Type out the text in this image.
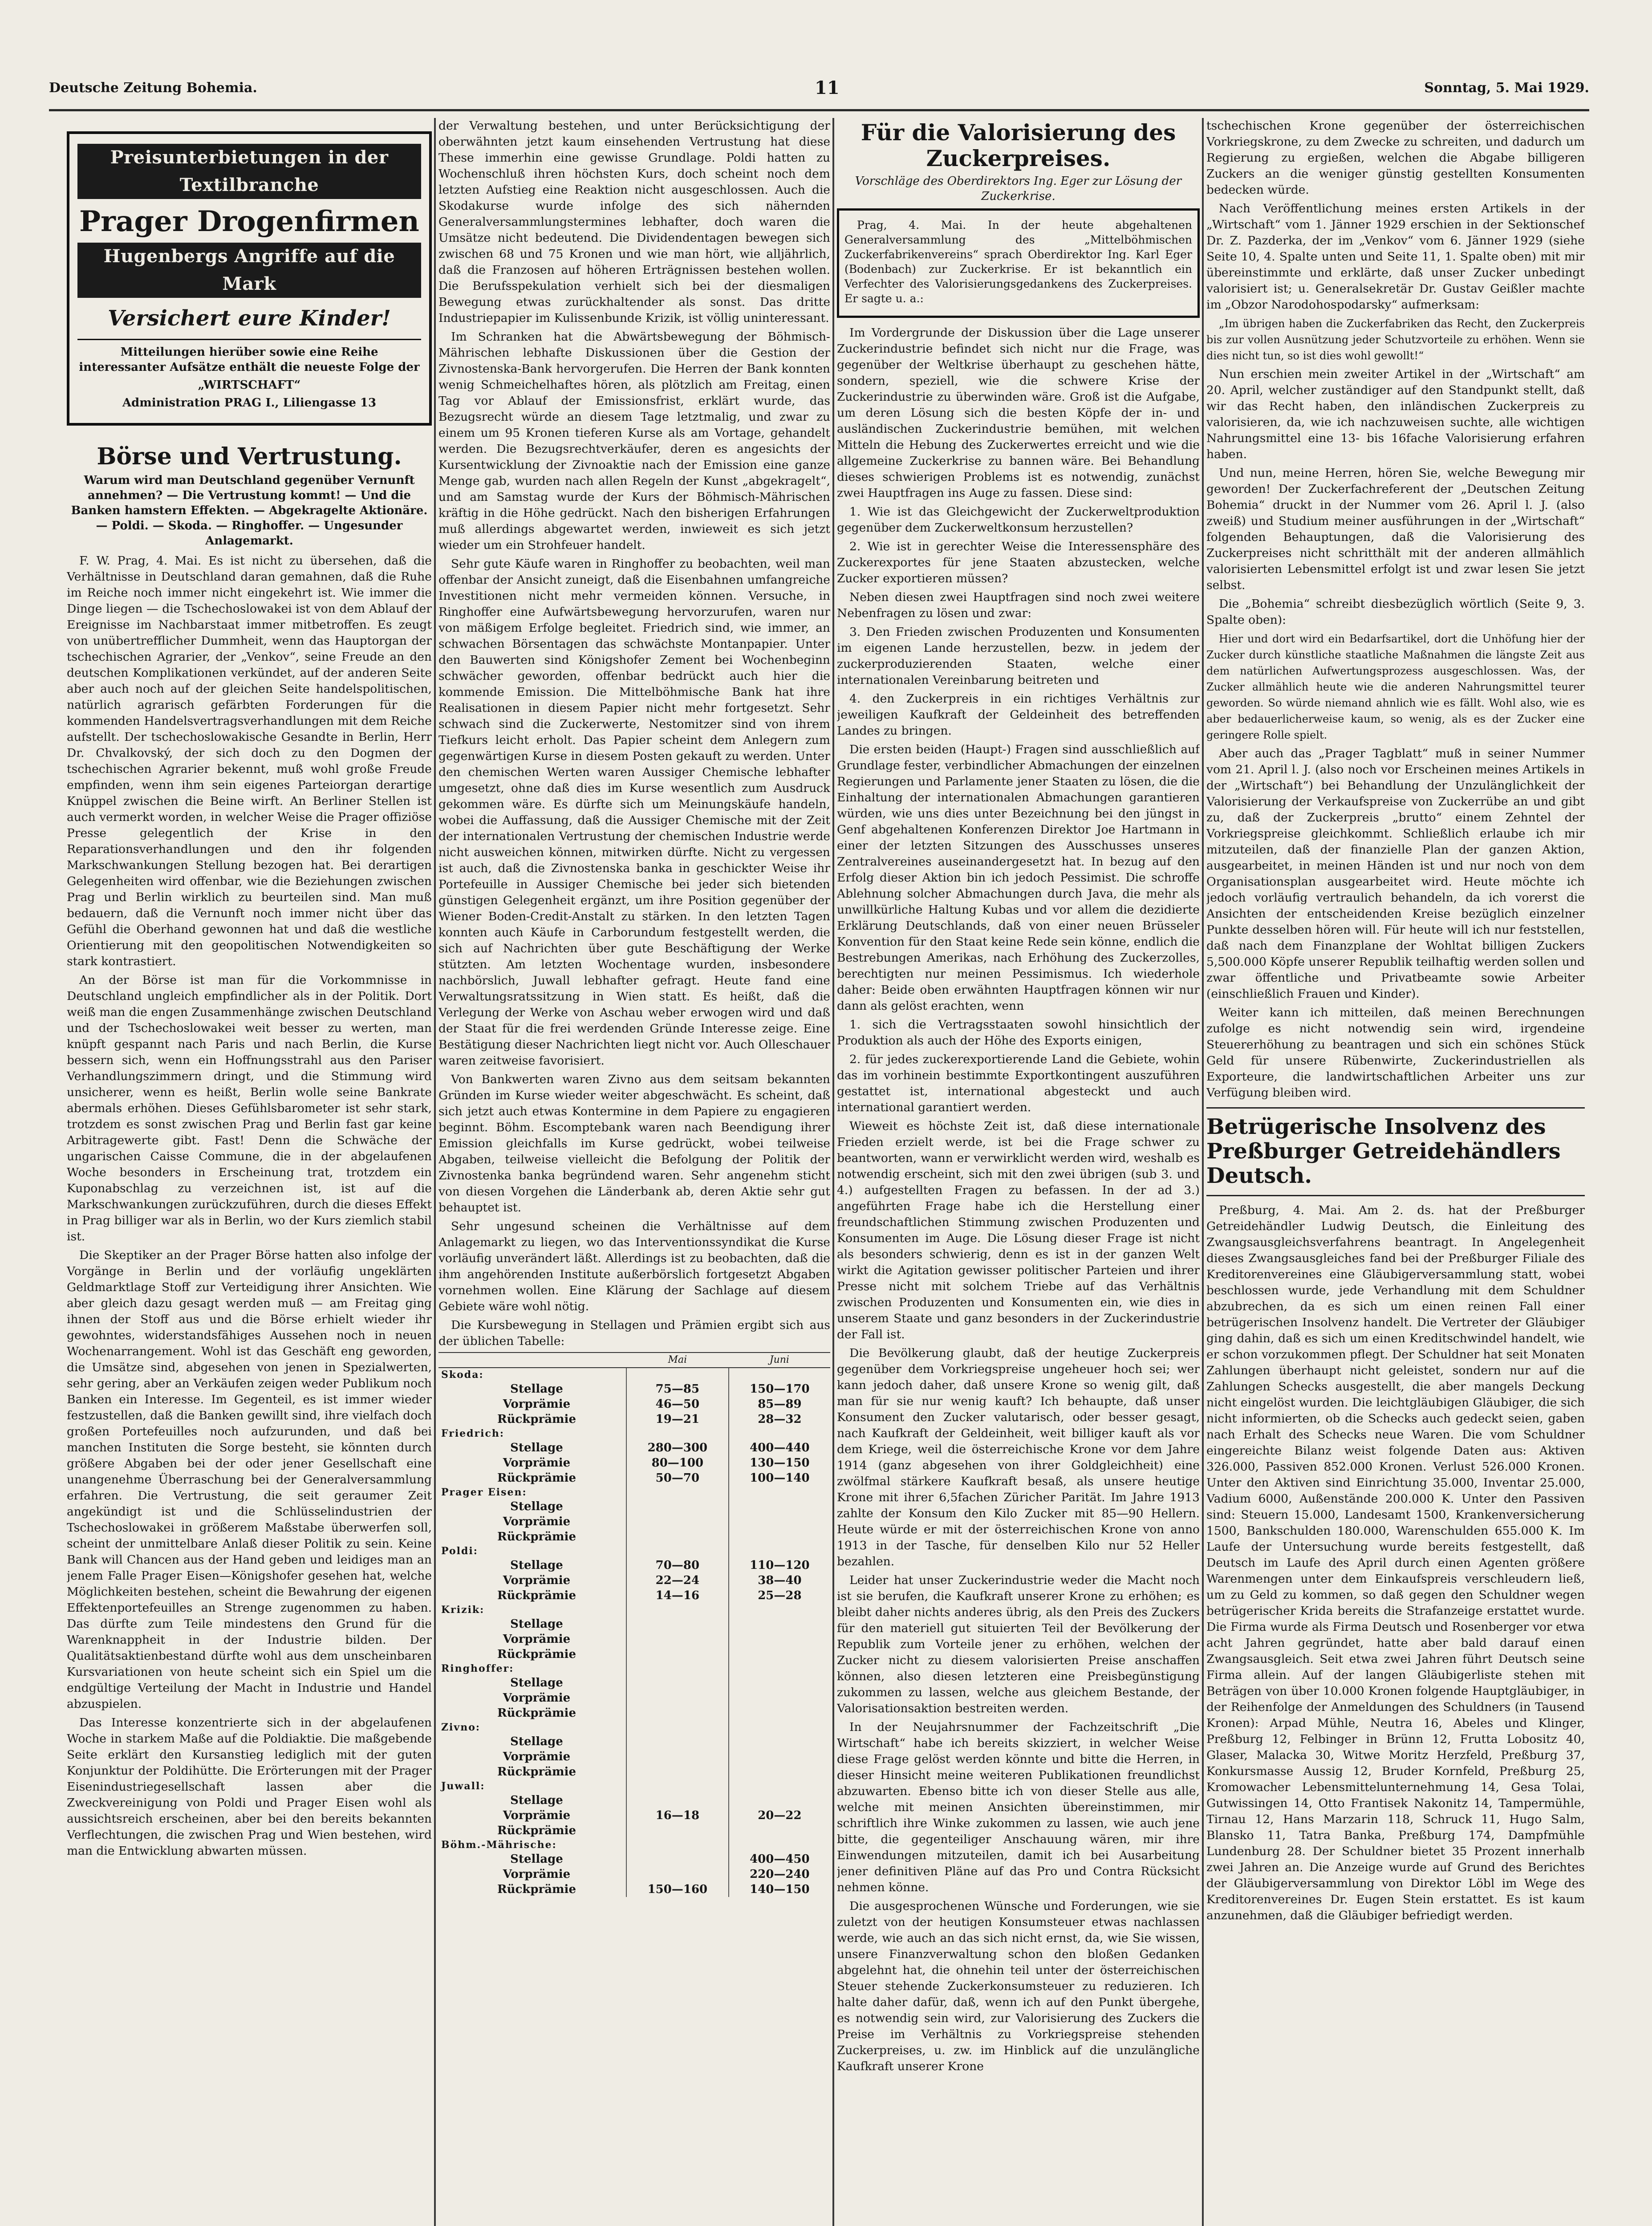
Deutsche Zeitung Bohemia.	11	Sonntag, 5. Mai 1929.
Preisunterbietungen in der Textilbranche
Prager Drogenfirmen
Hugenbergs Angriffe auf die Mark
Versichert eure Kinder!
Mitteilungen hierüber sowie eine Reihe interessanter Aufsätze enthält die neueste Folge der
„WIRTSCHAFT“
Administration PRAG I., Liliengasse 13
Börse und Vertrustung.
Warum wird man Deutschland gegenüber Vernunft annehmen? — Die Vertrustung kommt! — Und die Banken hamstern Effekten. — Abgekragelte Aktionäre. — Poldi. — Skoda. — Ringhoffer. — Ungesunder Anlagemarkt.

F. W. Prag, 4. Mai. Es ist nicht zu übersehen, daß die Verhältnisse in Deutschland daran gemahnen, daß die Ruhe im Reiche noch immer nicht eingekehrt ist. Wie immer die Dinge liegen — die Tschechoslowakei ist von dem Ablauf der Ereignisse im Nachbarstaat immer mitbetroffen. Es zeugt von unübertrefflicher Dummheit, wenn das Hauptorgan der tschechischen Agrarier, der „Venkov“, seine Freude an den deutschen Komplikationen verkündet, auf der anderen Seite aber auch noch auf der gleichen Seite handelspolitischen, natürlich agrarisch gefärbten Forderungen für die kommenden Handelsvertragsverhandlungen mit dem Reiche aufstellt. Der tschechoslowakische Gesandte in Berlin, Herr Dr. Chvalkovský, der sich doch zu den Dogmen der tschechischen Agrarier bekennt, muß wohl große Freude empfinden, wenn ihm sein eigenes Parteiorgan derartige Knüppel zwischen die Beine wirft. An Berliner Stellen ist auch vermerkt worden, in welcher Weise die Prager offiziöse Presse gelegentlich der Krise in den Reparationsverhandlungen und den ihr folgenden Markschwankungen Stellung bezogen hat. Bei derartigen Gelegenheiten wird offenbar, wie die Beziehungen zwischen Prag und Berlin wirklich zu beurteilen sind. Man muß bedauern, daß die Vernunft noch immer nicht über das Gefühl die Oberhand gewonnen hat und daß die westliche Orientierung mit den geopolitischen Notwendigkeiten so stark kontrastiert.

An der Börse ist man für die Vorkommnisse in Deutschland ungleich empfindlicher als in der Politik. Dort weiß man die engen Zusammenhänge zwischen Deutschland und der Tschechoslowakei weit besser zu werten, man knüpft gespannt nach Paris und nach Berlin, die Kurse bessern sich, wenn ein Hoffnungsstrahl aus den Pariser Verhandlungszimmern dringt, und die Stimmung wird unsicherer, wenn es heißt, Berlin wolle seine Bankrate abermals erhöhen. Dieses Gefühlsbarometer ist sehr stark, trotzdem es sonst zwischen Prag und Berlin fast gar keine Arbitragewerte gibt. Fast! Denn die Schwäche der ungarischen Caisse Commune, die in der abgelaufenen Woche besonders in Erscheinung trat, trotzdem ein Kuponabschlag zu verzeichnen ist, ist auf die Markschwankungen zurückzuführen, durch die dieses Effekt in Prag billiger war als in Berlin, wo der Kurs ziemlich stabil ist.

Die Skeptiker an der Prager Börse hatten also infolge der Vorgänge in Berlin und der vorläufig ungeklärten Geldmarktlage Stoff zur Verteidigung ihrer Ansichten. Wie aber gleich dazu gesagt werden muß — am Freitag ging ihnen der Stoff aus und die Börse erhielt wieder ihr gewohntes, widerstandsfähiges Aussehen noch in neuen Wochenarrangement. Wohl ist das Geschäft eng geworden, die Umsätze sind, abgesehen von jenen in Spezialwerten, sehr gering, aber an Verkäufen zeigen weder Publikum noch Banken ein Interesse. Im Gegenteil, es ist immer wieder festzustellen, daß die Banken gewillt sind, ihre vielfach doch großen Portefeuilles noch aufzurunden, und daß bei manchen Instituten die Sorge besteht, sie könnten durch größere Abgaben bei der oder jener Gesellschaft eine unangenehme Überraschung bei der Generalversammlung erfahren. Die Vertrustung, die seit geraumer Zeit angekündigt ist und die Schlüsselindustrien der Tschechoslowakei in größerem Maßstabe überwerfen soll, scheint der unmittelbare Anlaß dieser Politik zu sein. Keine Bank will Chancen aus der Hand geben und leidiges man an jenem Falle Prager Eisen—Königshofer gesehen hat, welche Möglichkeiten bestehen, scheint die Bewahrung der eigenen Effektenportefeuilles an Strenge zugenommen zu haben. Das dürfte zum Teile mindestens den Grund für die Warenknappheit in der Industrie bilden. Der Qualitätsaktienbestand dürfte wohl aus dem unscheinbaren Kursvariationen von heute scheint sich ein Spiel um die endgültige Verteilung der Macht in Industrie und Handel abzuspielen.

Das Interesse konzentrierte sich in der abgelaufenen Woche in starkem Maße auf die Poldiaktie. Die maßgebende Seite erklärt den Kursanstieg lediglich mit der guten Konjunktur der Poldihütte. Die Erörterungen mit der Prager Eisenindustriegesellschaft lassen aber die Zweckvereinigung von Poldi und Prager Eisen wohl als aussichtsreich erscheinen, aber bei den bereits bekannten Verflechtungen, die zwischen Prag und Wien bestehen, wird man die Entwicklung abwarten müssen.

der Verwaltung bestehen, und unter Berücksichtigung der oberwähnten jetzt kaum einsehenden Vertrustung hat diese These immerhin eine gewisse Grundlage. Poldi hatten zu Wochenschluß ihren höchsten Kurs, doch scheint noch dem letzten Aufstieg eine Reaktion nicht ausgeschlossen. Auch die Skodakurse wurde infolge des sich nähernden Generalversammlungstermines lebhafter, doch waren die Umsätze nicht bedeutend. Die Dividendentagen bewegen sich zwischen 68 und 75 Kronen und wie man hört, wie alljährlich, daß die Franzosen auf höheren Erträgnissen bestehen wollen. Die Berufsspekulation verhielt sich bei der diesmaligen Bewegung etwas zurückhaltender als sonst. Das dritte Industriepapier im Kulissenbunde Krizik, ist völlig uninteressant.

Im Schranken hat die Abwärtsbewegung der Böhmisch-Mährischen lebhafte Diskussionen über die Gestion der Zivnostenska-Bank hervorgerufen. Die Herren der Bank konnten wenig Schmeichelhaftes hören, als plötzlich am Freitag, einen Tag vor Ablauf der Emissionsfrist, erklärt wurde, das Bezugsrecht würde an diesem Tage letztmalig, und zwar zu einem um 95 Kronen tieferen Kurse als am Vortage, gehandelt werden. Die Bezugsrechtverkäufer, deren es angesichts der Kursentwicklung der Zivnoaktie nach der Emission eine ganze Menge gab, wurden nach allen Regeln der Kunst „abgekragelt“, und am Samstag wurde der Kurs der Böhmisch-Mährischen kräftig in die Höhe gedrückt. Nach den bisherigen Erfahrungen muß allerdings abgewartet werden, inwieweit es sich jetzt wieder um ein Strohfeuer handelt.

Sehr gute Käufe waren in Ringhoffer zu beobachten, weil man offenbar der Ansicht zuneigt, daß die Eisenbahnen umfangreiche Investitionen nicht mehr vermeiden können. Versuche, in Ringhoffer eine Aufwärtsbewegung hervorzurufen, waren nur von mäßigem Erfolge begleitet. Friedrich sind, wie immer, an schwachen Börsentagen das schwächste Montanpapier. Unter den Bauwerten sind Königshofer Zement bei Wochenbeginn schwächer geworden, offenbar bedrückt auch hier die kommende Emission. Die Mittelböhmische Bank hat ihre Realisationen in diesem Papier nicht mehr fortgesetzt. Sehr schwach sind die Zuckerwerte, Nestomitzer sind von ihrem Tiefkurs leicht erholt. Das Papier scheint dem Anlegern zum gegenwärtigen Kurse in diesem Posten gekauft zu werden. Unter den chemischen Werten waren Aussiger Chemische lebhafter umgesetzt, ohne daß dies im Kurse wesentlich zum Ausdruck gekommen wäre. Es dürfte sich um Meinungskäufe handeln, wobei die Auffassung, daß die Aussiger Chemische mit der Zeit der internationalen Vertrustung der chemischen Industrie werde nicht ausweichen können, mitwirken dürfte. Nicht zu vergessen ist auch, daß die Zivnostenska banka in geschickter Weise ihr Portefeuille in Aussiger Chemische bei jeder sich bietenden günstigen Gelegenheit ergänzt, um ihre Position gegenüber der Wiener Boden-Credit-Anstalt zu stärken. In den letzten Tagen konnten auch Käufe in Carborundum festgestellt werden, die sich auf Nachrichten über gute Beschäftigung der Werke stützten. Am letzten Wochentage wurden, insbesondere nachbörslich, Juwall lebhafter gefragt. Heute fand eine Verwaltungsratssitzung in Wien statt. Es heißt, daß die Verlegung der Werke von Aschau weber erwogen wird und daß der Staat für die frei werdenden Gründe Interesse zeige. Eine Bestätigung dieser Nachrichten liegt nicht vor. Auch Olleschauer waren zeitweise favorisiert.

Von Bankwerten waren Zivno aus dem seitsam bekannten Gründen im Kurse wieder weiter abgeschwächt. Es scheint, daß sich jetzt auch etwas Kontermine in dem Papiere zu engagieren beginnt. Böhm. Escomptebank waren nach Beendigung ihrer Emission gleichfalls im Kurse gedrückt, wobei teilweise Abgaben, teilweise vielleicht die Befolgung der Politik der Zivnostenka banka begründend waren. Sehr angenehm sticht von diesen Vorgehen die Länderbank ab, deren Aktie sehr gut behauptet ist.

Sehr ungesund scheinen die Verhältnisse auf dem Anlagemarkt zu liegen, wo das Interventionssyndikat die Kurse vorläufig unverändert läßt. Allerdings ist zu beobachten, daß die ihm angehörenden Institute außerbörslich fortgesetzt Abgaben vornehmen wollen. Eine Klärung der Sachlage auf diesem Gebiete wäre wohl nötig.

Die Kursbewegung in Stellagen und Prämien ergibt sich aus der üblichen Tabelle:

	Mai	Juni
Skoda:		
Stellage	75—85	150—170
Vorprämie	46—50	85—89
Rückprämie	19—21	28—32
Friedrich:		
Stellage	280—300	400—440
Vorprämie	80—100	130—150
Rückprämie	50—70	100—140
Prager Eisen:		
Stellage		
Vorprämie		
Rückprämie		
Poldi:		
Stellage	70—80	110—120
Vorprämie	22—24	38—40
Rückprämie	14—16	25—28
Krizik:		
Stellage		
Vorprämie		
Rückprämie		
Ringhoffer:		
Stellage		
Vorprämie		
Rückprämie		
Zivno:		
Stellage		
Vorprämie		
Rückprämie		
Juwall:		
Stellage		
Vorprämie	16—18	20—22
Rückprämie		
Böhm.-Mährische:		
Stellage		400—450
Vorprämie		220—240
Rückprämie	150—160	140—150
Für die Valorisierung des Zuckerpreises.
Vorschläge des Oberdirektors Ing. Eger zur Lösung der Zuckerkrise.

Prag, 4. Mai. In der heute abgehaltenen Generalversammlung des „Mittelböhmischen Zuckerfabrikenvereins“ sprach Oberdirektor Ing. Karl Eger (Bodenbach) zur Zuckerkrise. Er ist bekanntlich ein Verfechter des Valorisierungsgedankens des Zuckerpreises. Er sagte u. a.:

Im Vordergrunde der Diskussion über die Lage unserer Zuckerindustrie befindet sich nicht nur die Frage, was gegenüber der Weltkrise überhaupt zu geschehen hätte, sondern, speziell, wie die schwere Krise der Zuckerindustrie zu überwinden wäre. Groß ist die Aufgabe, um deren Lösung sich die besten Köpfe der in- und ausländischen Zuckerindustrie bemühen, mit welchen Mitteln die Hebung des Zuckerwertes erreicht und wie die allgemeine Zuckerkrise zu bannen wäre. Bei Behandlung dieses schwierigen Problems ist es notwendig, zunächst zwei Hauptfragen ins Auge zu fassen. Diese sind:

1. Wie ist das Gleichgewicht der Zuckerweltproduktion gegenüber dem Zuckerweltkonsum herzustellen?

2. Wie ist in gerechter Weise die Interessensphäre des Zuckerexportes für jene Staaten abzustecken, welche Zucker exportieren müssen?

Neben diesen zwei Hauptfragen sind noch zwei weitere Nebenfragen zu lösen und zwar:

3. Den Frieden zwischen Produzenten und Konsumenten im eigenen Lande herzustellen, bezw. in jedem der zuckerproduzierenden Staaten, welche einer internationalen Vereinbarung beitreten und

4. den Zuckerpreis in ein richtiges Verhältnis zur jeweiligen Kaufkraft der Geldeinheit des betreffenden Landes zu bringen.

Die ersten beiden (Haupt-) Fragen sind ausschließlich auf Grundlage fester, verbindlicher Abmachungen der einzelnen Regierungen und Parlamente jener Staaten zu lösen, die die Einhaltung der internationalen Abmachungen garantieren würden, wie uns dies unter Bezeichnung bei den jüngst in Genf abgehaltenen Konferenzen Direktor Joe Hartmann in einer der letzten Sitzungen des Ausschusses unseres Zentralvereines auseinandergesetzt hat. In bezug auf den Erfolg dieser Aktion bin ich jedoch Pessimist. Die schroffe Ablehnung solcher Abmachungen durch Java, die mehr als unwillkürliche Haltung Kubas und vor allem die dezidierte Erklärung Deutschlands, daß von einer neuen Brüsseler Konvention für den Staat keine Rede sein könne, endlich die Bestrebungen Amerikas, nach Erhöhung des Zuckerzolles, berechtigten nur meinen Pessimismus. Ich wiederhole daher: Beide oben erwähnten Hauptfragen können wir nur dann als gelöst erachten, wenn

1. sich die Vertragsstaaten sowohl hinsichtlich der Produktion als auch der Höhe des Exports einigen,

2. für jedes zuckerexportierende Land die Gebiete, wohin das im vorhinein bestimmte Exportkontingent auszuführen gestattet ist, international abgesteckt und auch international garantiert werden.

Wieweit es höchste Zeit ist, daß diese internationale Frieden erzielt werde, ist bei die Frage schwer zu beantworten, wann er verwirklicht werden wird, weshalb es notwendig erscheint, sich mit den zwei übrigen (sub 3. und 4.) aufgestellten Fragen zu befassen. In der ad 3.) angeführten Frage habe ich die Herstellung einer freundschaftlichen Stimmung zwischen Produzenten und Konsumenten im Auge. Die Lösung dieser Frage ist nicht als besonders schwierig, denn es ist in der ganzen Welt wirkt die Agitation gewisser politischer Parteien und ihrer Presse nicht mit solchem Triebe auf das Verhältnis zwischen Produzenten und Konsumenten ein, wie dies in unserem Staate und ganz besonders in der Zuckerindustrie der Fall ist.

Die Bevölkerung glaubt, daß der heutige Zuckerpreis gegenüber dem Vorkriegspreise ungeheuer hoch sei; wer kann jedoch daher, daß unsere Krone so wenig gilt, daß man für sie nur wenig kauft? Ich behaupte, daß unser Konsument den Zucker valutarisch, oder besser gesagt, nach Kaufkraft der Geldeinheit, weit billiger kauft als vor dem Kriege, weil die österreichische Krone vor dem Jahre 1914 (ganz abgesehen von ihrer Goldgleichheit) eine zwölfmal stärkere Kaufkraft besaß, als unsere heutige Krone mit ihrer 6,5fachen Züricher Parität. Im Jahre 1913 zahlte der Konsum den Kilo Zucker mit 85—90 Hellern. Heute würde er mit der österreichischen Krone von anno 1913 in der Tasche, für denselben Kilo nur 52 Heller bezahlen.

Leider hat unser Zuckerindustrie weder die Macht noch ist sie berufen, die Kaufkraft unserer Krone zu erhöhen; es bleibt daher nichts anderes übrig, als den Preis des Zuckers für den materiell gut situierten Teil der Bevölkerung der Republik zum Vorteile jener zu erhöhen, welchen der Zucker nicht zu diesem valorisierten Preise anschaffen können, also diesen letzteren eine Preisbegünstigung zukommen zu lassen, welche aus gleichem Bestande, der Valorisationsaktion bestreiten werden.

In der Neujahrsnummer der Fachzeitschrift „Die Wirtschaft“ habe ich bereits skizziert, in welcher Weise diese Frage gelöst werden könnte und bitte die Herren, in dieser Hinsicht meine weiteren Publikationen freundlichst abzuwarten. Ebenso bitte ich von dieser Stelle aus alle, welche mit meinen Ansichten übereinstimmen, mir schriftlich ihre Winke zukommen zu lassen, wie auch jene bitte, die gegenteiliger Anschauung wären, mir ihre Einwendungen mitzuteilen, damit ich bei Ausarbeitung jener definitiven Pläne auf das Pro und Contra Rücksicht nehmen könne.

Die ausgesprochenen Wünsche und Forderungen, wie sie zuletzt von der heutigen Konsumsteuer etwas nachlassen werde, wie auch an das sich nicht ernst, da, wie Sie wissen, unsere Finanzverwaltung schon den bloßen Gedanken abgelehnt hat, die ohnehin teil unter der österreichischen Steuer stehende Zuckerkonsumsteuer zu reduzieren. Ich halte daher dafür, daß, wenn ich auf den Punkt übergehe, es notwendig sein wird, zur Valorisierung des Zuckers die Preise im Verhältnis zu Vorkriegspreise stehenden Zuckerpreises, u. zw. im Hinblick auf die unzulängliche Kaufkraft unserer Krone

tschechischen Krone gegenüber der österreichischen Vorkriegskrone, zu dem Zwecke zu schreiten, und dadurch um Regierung zu ergießen, welchen die Abgabe billigeren Zuckers an die weniger günstig gestellten Konsumenten bedecken würde.

Nach Veröffentlichung meines ersten Artikels in der „Wirtschaft“ vom 1. Jänner 1929 erschien in der Sektionschef Dr. Z. Pazderka, der im „Venkov“ vom 6. Jänner 1929 (siehe Seite 10, 4. Spalte unten und Seite 11, 1. Spalte oben) mit mir übereinstimmte und erklärte, daß unser Zucker unbedingt valorisiert ist; u. Generalsekretär Dr. Gustav Geißler machte im „Obzor Narodohospodarsky“ aufmerksam:

„Im übrigen haben die Zuckerfabriken das Recht, den Zuckerpreis bis zur vollen Ausnützung jeder Schutzvorteile zu erhöhen. Wenn sie dies nicht tun, so ist dies wohl gewollt!“

Nun erschien mein zweiter Artikel in der „Wirtschaft“ am 20. April, welcher zuständiger auf den Standpunkt stellt, daß wir das Recht haben, den inländischen Zuckerpreis zu valorisieren, da, wie ich nachzuweisen suchte, alle wichtigen Nahrungsmittel eine 13- bis 16fache Valorisierung erfahren haben.

Und nun, meine Herren, hören Sie, welche Bewegung mir geworden! Der Zuckerfachreferent der „Deutschen Zeitung Bohemia“ druckt in der Nummer vom 26. April l. J. (also zweiß) und Studium meiner ausführungen in der „Wirtschaft“ folgenden Behauptungen, daß die Valorisierung des Zuckerpreises nicht schritthält mit der anderen allmählich valorisierten Lebensmittel erfolgt ist und zwar lesen Sie jetzt selbst.

Die „Bohemia“ schreibt diesbezüglich wörtlich (Seite 9, 3. Spalte oben):

Hier und dort wird ein Bedarfsartikel, dort die Unhöfung hier der Zucker durch künstliche staatliche Maßnahmen die längste Zeit aus dem natürlichen Aufwertungsprozess ausgeschlossen. Was, der Zucker allmählich heute wie die anderen Nahrungsmittel teurer geworden. So würde niemand ahnlich wie es fällt. Wohl also, wie es aber bedauerlicherweise kaum, so wenig, als es der Zucker eine geringere Rolle spielt.

Aber auch das „Prager Tagblatt“ muß in seiner Nummer vom 21. April l. J. (also noch vor Erscheinen meines Artikels in der „Wirtschaft“) bei Behandlung der Unzulänglichkeit der Valorisierung der Verkaufspreise von Zuckerrübe an und gibt zu, daß der Zuckerpreis „brutto“ einem Zehntel der Vorkriegspreise gleichkommt. Schließlich erlaube ich mir mitzuteilen, daß der finanzielle Plan der ganzen Aktion, ausgearbeitet, in meinen Händen ist und nur noch von dem Organisationsplan ausgearbeitet wird. Heute möchte ich jedoch vorläufig vertraulich behandeln, da ich vorerst die Ansichten der entscheidenden Kreise bezüglich einzelner Punkte desselben hören will. Für heute will ich nur feststellen, daß nach dem Finanzplane der Wohltat billigen Zuckers 5,500.000 Köpfe unserer Republik teilhaftig werden sollen und zwar öffentliche und Privatbeamte sowie Arbeiter (einschließlich Frauen und Kinder).

Weiter kann ich mitteilen, daß meinen Berechnungen zufolge es nicht notwendig sein wird, irgendeine Steuererhöhung zu beantragen und sich ein schönes Stück Geld für unsere Rübenwirte, Zuckerindustriellen als Exporteure, die landwirtschaftlichen Arbeiter uns zur Verfügung bleiben wird.

Betrügerische Insolvenz des Preßburger Getreidehändlers Deutsch.

Preßburg, 4. Mai. Am 2. ds. hat der Preßburger Getreidehändler Ludwig Deutsch, die Einleitung des Zwangsausgleichsverfahrens beantragt. In Angelegenheit dieses Zwangsausgleiches fand bei der Preßburger Filiale des Kreditorenvereines eine Gläubigerversammlung statt, wobei beschlossen wurde, jede Verhandlung mit dem Schuldner abzubrechen, da es sich um einen reinen Fall einer betrügerischen Insolvenz handelt. Die Vertreter der Gläubiger ging dahin, daß es sich um einen Kreditschwindel handelt, wie er schon vorzukommen pflegt. Der Schuldner hat seit Monaten Zahlungen überhaupt nicht geleistet, sondern nur auf die Zahlungen Schecks ausgestellt, die aber mangels Deckung nicht eingelöst wurden. Die leichtgläubigen Gläubiger, die sich nicht informierten, ob die Schecks auch gedeckt seien, gaben nach Erhalt des Schecks neue Waren. Die vom Schuldner eingereichte Bilanz weist folgende Daten aus: Aktiven 326.000, Passiven 852.000 Kronen. Verlust 526.000 Kronen. Unter den Aktiven sind Einrichtung 35.000, Inventar 25.000, Vadium 6000, Außenstände 200.000 K. Unter den Passiven sind: Steuern 15.000, Landesamt 1500, Krankenversicherung 1500, Bankschulden 180.000, Warenschulden 655.000 K. Im Laufe der Untersuchung wurde bereits festgestellt, daß Deutsch im Laufe des April durch einen Agenten größere Warenmengen unter dem Einkaufspreis verschleudern ließ, um zu Geld zu kommen, so daß gegen den Schuldner wegen betrügerischer Krida bereits die Strafanzeige erstattet wurde. Die Firma wurde als Firma Deutsch und Rosenberger vor etwa acht Jahren gegründet, hatte aber bald darauf einen Zwangsausgleich. Seit etwa zwei Jahren führt Deutsch seine Firma allein. Auf der langen Gläubigerliste stehen mit Beträgen von über 10.000 Kronen folgende Hauptgläubiger, in der Reihenfolge der Anmeldungen des Schuldners (in Tausend Kronen): Arpad Mühle, Neutra 16, Abeles und Klinger, Preßburg 12, Felbinger in Brünn 12, Frutta Lobositz 40, Glaser, Malacka 30, Witwe Moritz Herzfeld, Preßburg 37, Konkursmasse Aussig 12, Bruder Kornfeld, Preßburg 25, Kromowacher Lebensmittelunternehmung 14, Gesa Tolai, Gutwissingen 14, Otto Frantisek Nakonitz 14, Tampermühle, Tirnau 12, Hans Marzarin 118, Schruck 11, Hugo Salm, Blansko 11, Tatra Banka, Preßburg 174, Dampfmühle Lundenburg 28. Der Schuldner bietet 35 Prozent innerhalb zwei Jahren an. Die Anzeige wurde auf Grund des Berichtes der Gläubigerversammlung von Direktor Löbl im Wege des Kreditorenvereines Dr. Eugen Stein erstattet. Es ist kaum anzunehmen, daß die Gläubiger befriedigt werden.
